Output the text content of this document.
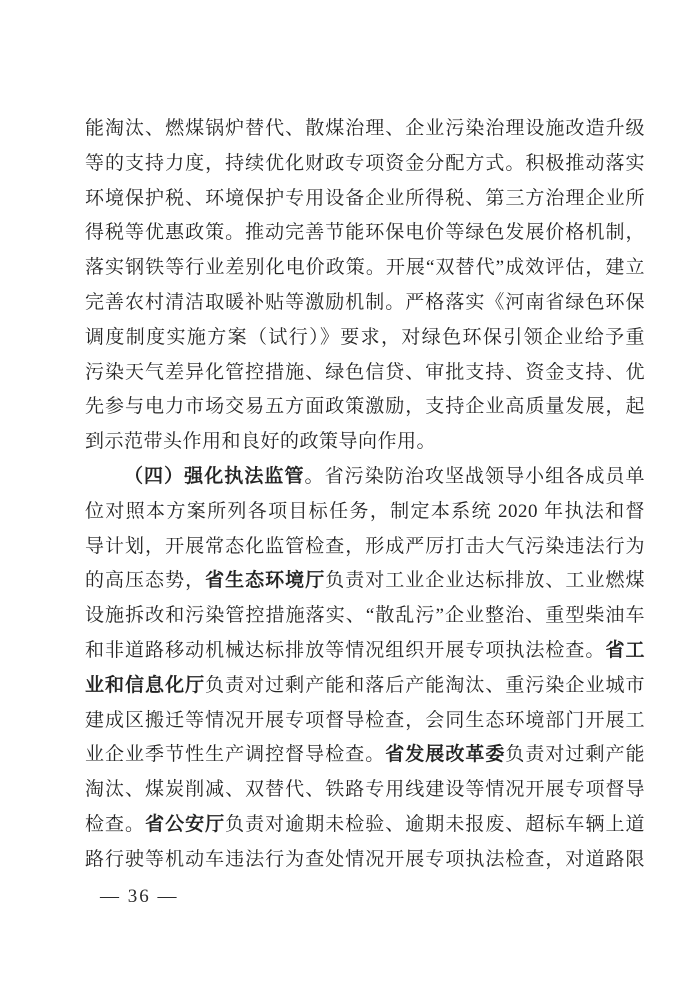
能淘汰、燃煤锅炉替代、散煤治理、企业污染治理设施改造升级
等的支持力度，持续优化财政专项资金分配方式。积极推动落实
环境保护税、环境保护专用设备企业所得税、第三方治理企业所
得税等优惠政策。推动完善节能环保电价等绿色发展价格机制，
落实钢铁等行业差别化电价政策。开展“双替代”成效评估，建立
完善农村清洁取暖补贴等激励机制。严格落实《河南省绿色环保
调度制度实施方案（试行）》要求，对绿色环保引领企业给予重
污染天气差异化管控措施、绿色信贷、审批支持、资金支持、优
先参与电力市场交易五方面政策激励，支持企业高质量发展，起
到示范带头作用和良好的政策导向作用。
（四）强化执法监管。省污染防治攻坚战领导小组各成员单
位对照本方案所列各项目标任务，制定本系统 2020 年执法和督
导计划，开展常态化监管检查，形成严厉打击大气污染违法行为
的高压态势，省生态环境厅负责对工业企业达标排放、工业燃煤
设施拆改和污染管控措施落实、“散乱污”企业整治、重型柴油车
和非道路移动机械达标排放等情况组织开展专项执法检查。省工
业和信息化厅负责对过剩产能和落后产能淘汰、重污染企业城市
建成区搬迁等情况开展专项督导检查，会同生态环境部门开展工
业企业季节性生产调控督导检查。省发展改革委负责对过剩产能
淘汰、煤炭削减、双替代、铁路专用线建设等情况开展专项督导
检查。省公安厅负责对逾期未检验、逾期未报废、超标车辆上道
路行驶等机动车违法行为查处情况开展专项执法检查，对道路限
— 36 —
